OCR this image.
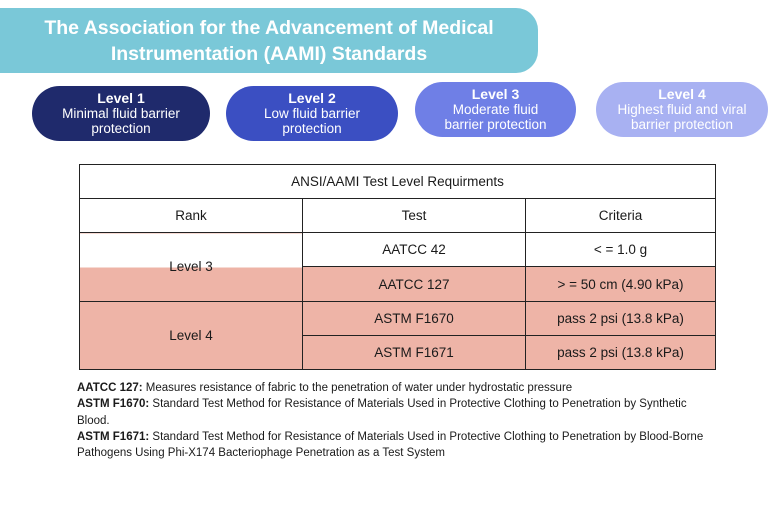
The Association for the Advancement of Medical
Instrumentation (AAMI) Standards
Level 1
Minimal fluid barrier
protection
Level 2
Low fluid barrier
protection
Level 3
Moderate fluid
barrier protection
Level 4
Highest fluid and viral
barrier protection
ANSI/AAMI Test Level Requirments		
Rank	Test	Criteria
Level 3	AATCC 42	< = 1.0 g
	AATCC 127	> = 50 cm (4.90 kPa)
Level 4	ASTM F1670	pass 2 psi (13.8 kPa)
	ASTM F1671	pass 2 psi (13.8 kPa)
AATCC 127: Measures resistance of fabric to the penetration of water under hydrostatic pressure
ASTM F1670: Standard Test Method for Resistance of Materials Used in Protective Clothing to Penetration by Synthetic Blood.
ASTM F1671: Standard Test Method for Resistance of Materials Used in Protective Clothing to Penetration by Blood-Borne Pathogens Using Phi-X174 Bacteriophage Penetration as a Test System
